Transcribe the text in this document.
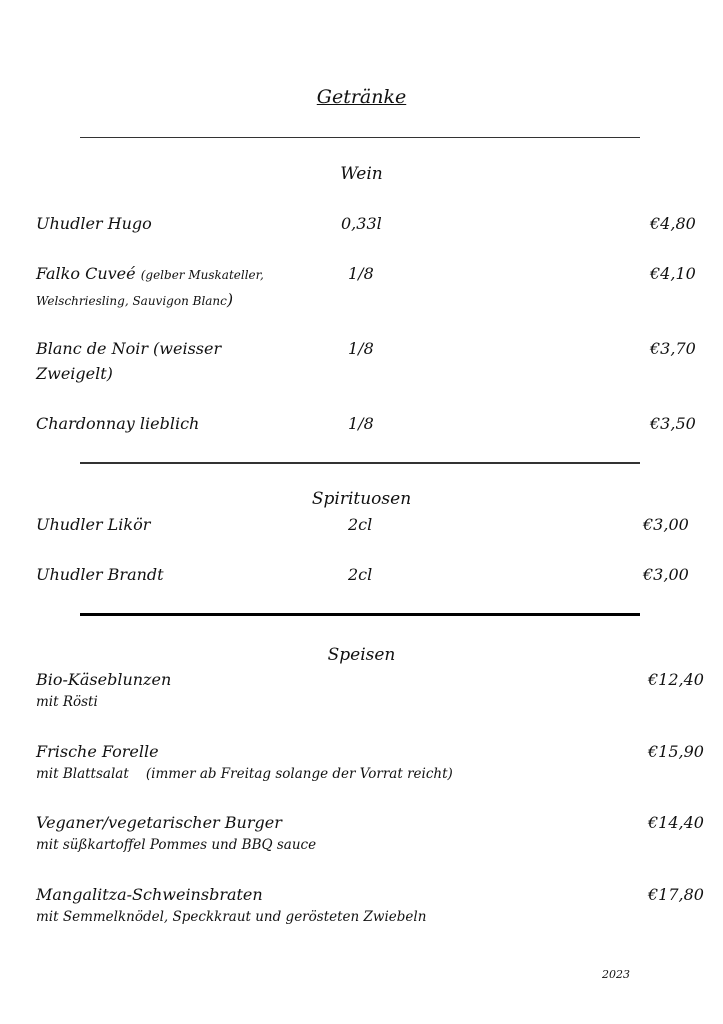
Getränke
Wein
Uhudler Hugo	0,33l	€4,80
Falko Cuveé (gelber Muskateller,
Welschriesling, Sauvigon Blanc)
1/8	€4,10
Blanc de Noir (weisser
Zweigelt)
1/8	€3,70
Chardonnay lieblich	1/8	€3,50
Spirituosen
Uhudler Likör	2cl	€3,00
Uhudler Brandt	2cl	€3,00
Speisen
Bio-Käseblunzen
mit Rösti
€12,40
Frische Forelle
mit Blattsalat    (immer ab Freitag solange der Vorrat reicht)
€15,90
Veganer/vegetarischer Burger
mit süßkartoffel Pommes und BBQ sauce
€14,40
Mangalitza-Schweinsbraten
mit Semmelknödel, Speckkraut und gerösteten Zwiebeln
€17,80
2023
